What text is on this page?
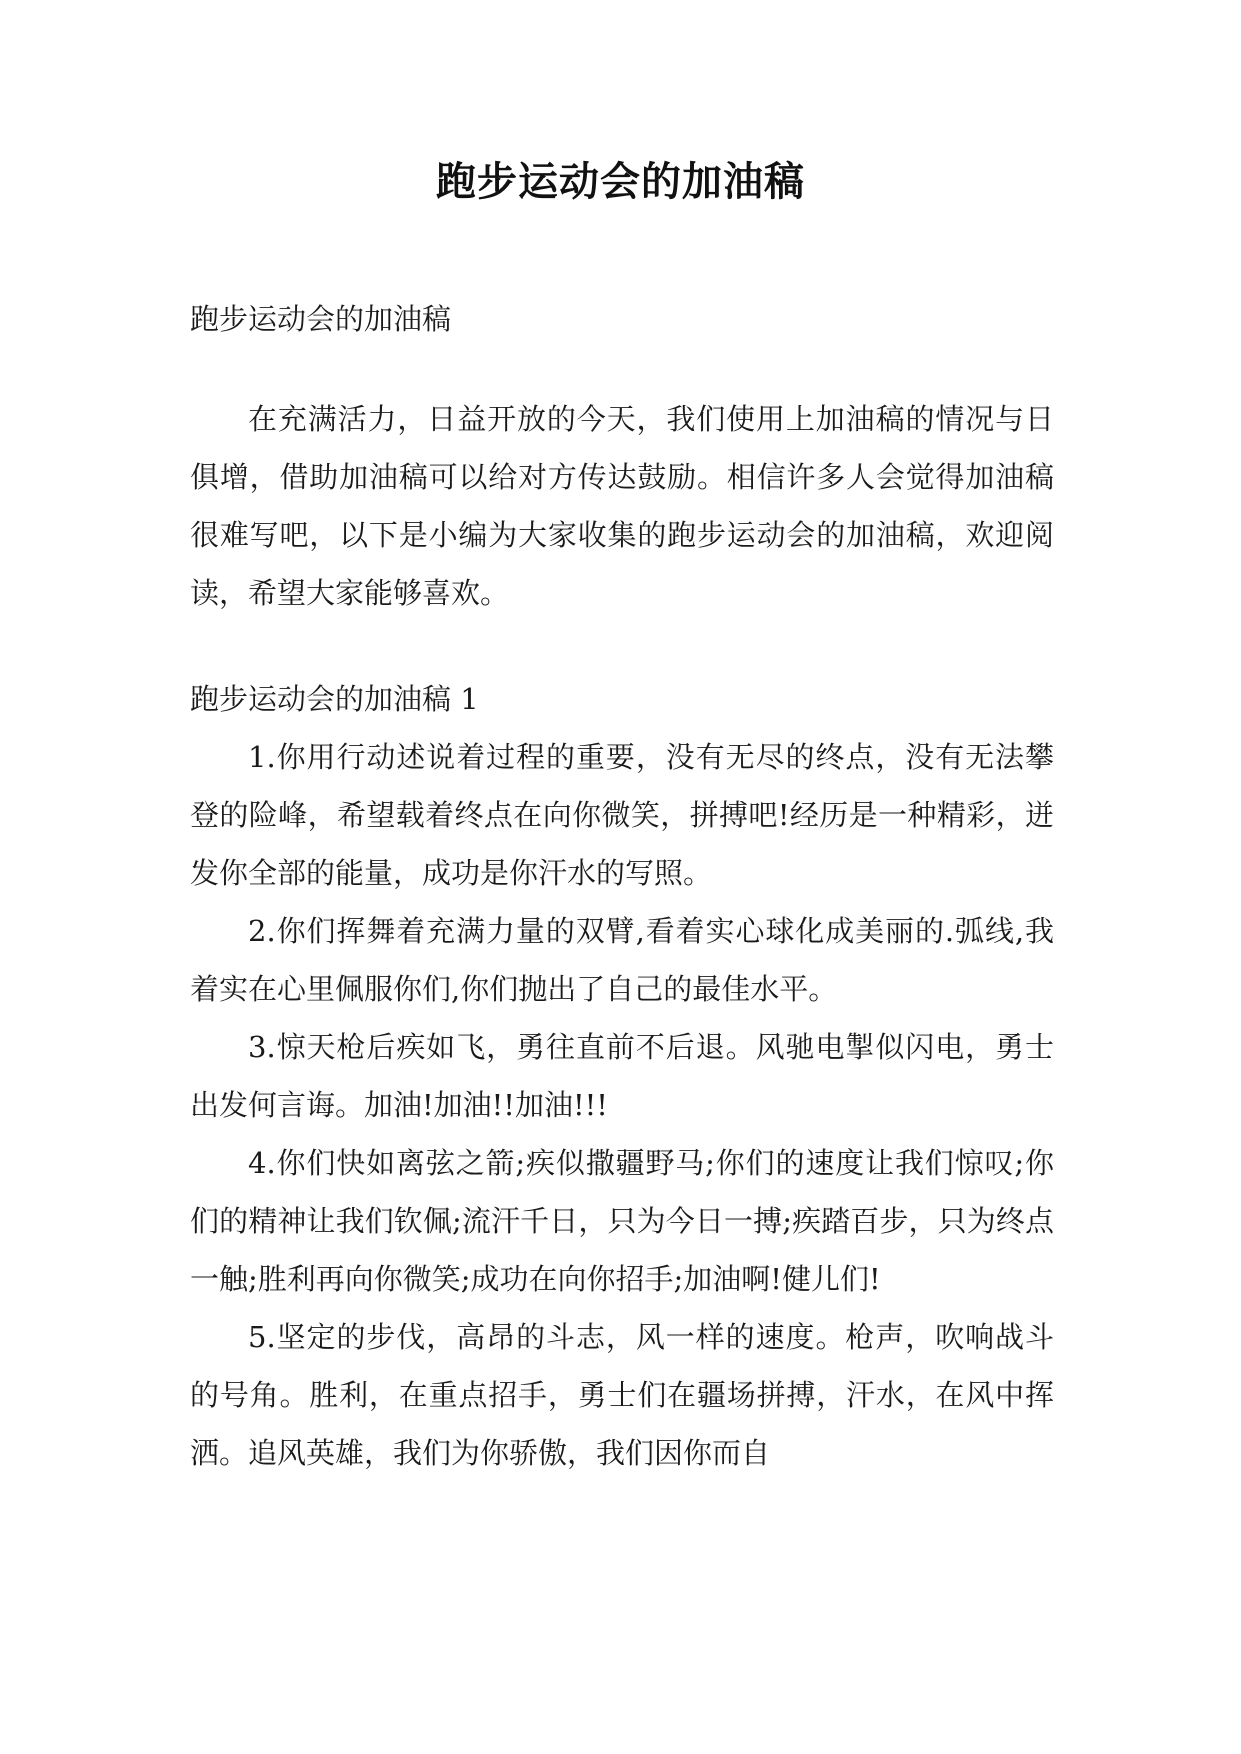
跑步运动会的加油稿

跑步运动会的加油稿

在充满活力，日益开放的今天，我们使用上加油稿的情况与日俱增，借助加油稿可以给对方传达鼓励。相信许多人会觉得加油稿很难写吧，以下是小编为大家收集的跑步运动会的加油稿，欢迎阅读，希望大家能够喜欢。

跑步运动会的加油稿 1

1.你用行动述说着过程的重要，没有无尽的终点，没有无法攀登的险峰，希望载着终点在向你微笑，拼搏吧!经历是一种精彩，迸发你全部的能量，成功是你汗水的写照。

2.你们挥舞着充满力量的双臂,看着实心球化成美丽的.弧线,我着实在心里佩服你们,你们抛出了自己的最佳水平。

3.惊天枪后疾如飞，勇往直前不后退。风驰电掣似闪电，勇士出发何言诲。加油!加油!!加油!!!

4.你们快如离弦之箭;疾似撒疆野马;你们的速度让我们惊叹;你们的精神让我们钦佩;流汗千日，只为今日一搏;疾踏百步，只为终点一触;胜利再向你微笑;成功在向你招手;加油啊!健儿们!

5.坚定的步伐，高昂的斗志，风一样的速度。枪声，吹响战斗的号角。胜利，在重点招手，勇士们在疆场拼搏，汗水，在风中挥洒。追风英雄，我们为你骄傲，我们因你而自
